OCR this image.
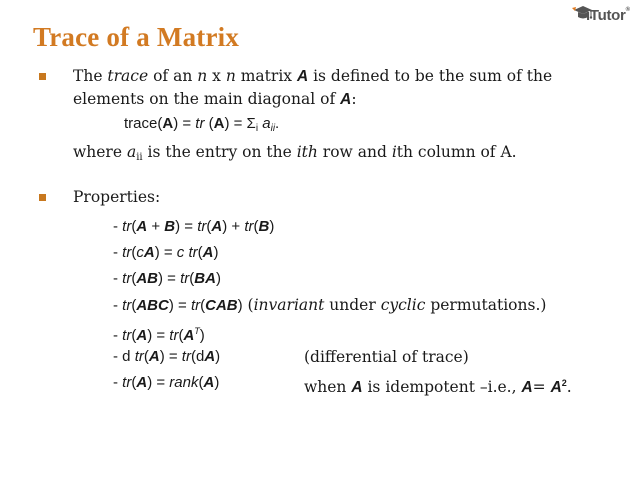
Trace of a Matrix
iTutor®
The trace of an n x n matrix A is defined to be the sum of the
elements on the main diagonal of A:
trace(A) = tr $(A) = \Sigma_i$ $a_{ii}$.
where $a_{ii}$ is the entry on the ith row and ith column of A.
Properties:
- tr(A + B) = tr(A) + tr(B)
- tr(cA) = c tr(A)
- tr(AB) = tr(BA)
- tr(ABC) = tr(CAB) (invariant under cyclic permutations.)
- $tr(A) = tr(A^T)$
- d tr(A) = tr(dA)	(differential of trace)
- tr(A) = rank(A)	when A is idempotent –i.e., $A= A^2$.
